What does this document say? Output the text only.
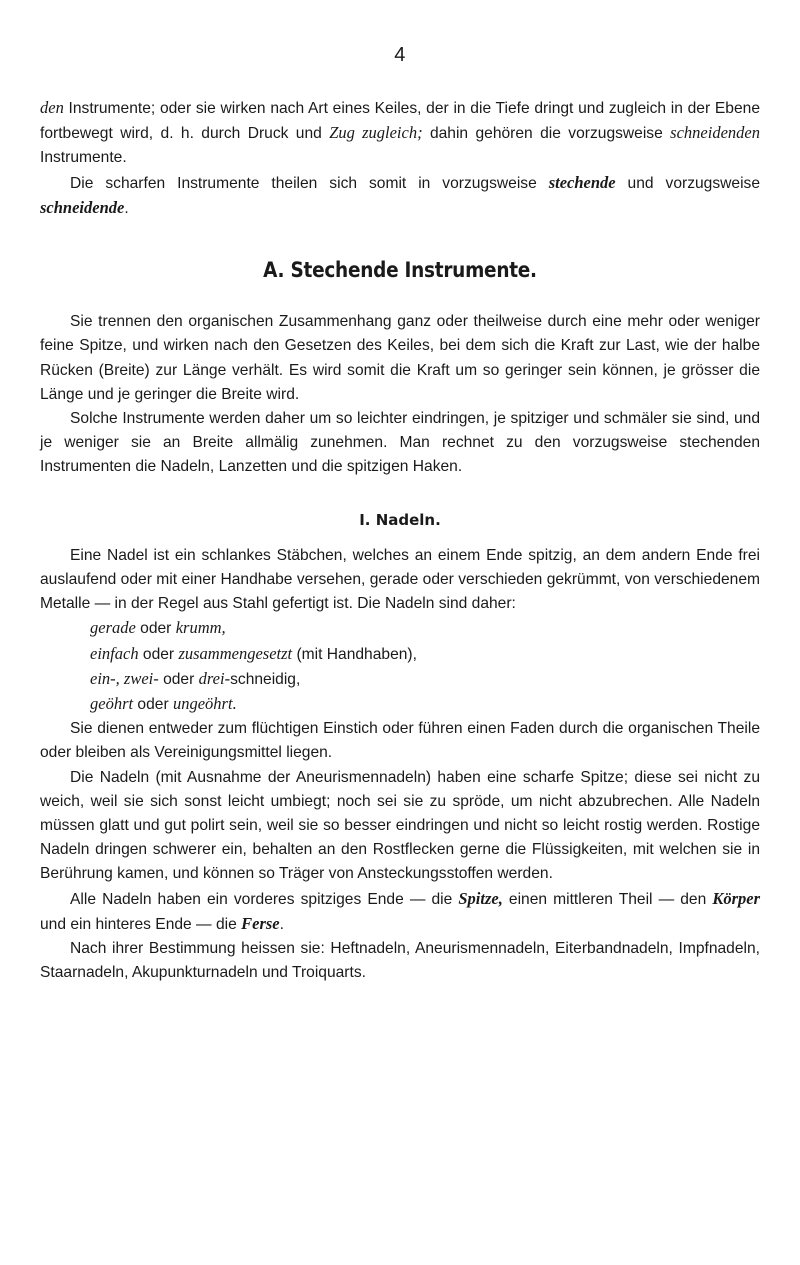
4

den Instrumente; oder sie wirken nach Art eines Keiles, der in die Tiefe dringt und zugleich in der Ebene fortbewegt wird, d. h. durch Druck und Zug zugleich; dahin gehören die vorzugsweise schneidenden Instrumente.

Die scharfen Instrumente theilen sich somit in vorzugsweise stechende und vorzugsweise schneidende.

A. Stechende Instrumente.

Sie trennen den organischen Zusammenhang ganz oder theilweise durch eine mehr oder weniger feine Spitze, und wirken nach den Gesetzen des Keiles, bei dem sich die Kraft zur Last, wie der halbe Rücken (Breite) zur Länge verhält. Es wird somit die Kraft um so geringer sein können, je grösser die Länge und je geringer die Breite wird.

Solche Instrumente werden daher um so leichter eindringen, je spitziger und schmäler sie sind, und je weniger sie an Breite allmälig zunehmen. Man rechnet zu den vorzugsweise stechenden Instrumenten die Nadeln, Lanzetten und die spitzigen Haken.

I. Nadeln.

Eine Nadel ist ein schlankes Stäbchen, welches an einem Ende spitzig, an dem andern Ende frei auslaufend oder mit einer Handhabe versehen, gerade oder verschieden gekrümmt, von verschiedenem Metalle — in der Regel aus Stahl gefertigt ist. Die Nadeln sind daher:

gerade oder krumm,
einfach oder zusammengesetzt (mit Handhaben),
ein-, zwei- oder drei-schneidig,
geöhrt oder ungeöhrt.

Sie dienen entweder zum flüchtigen Einstich oder führen einen Faden durch die organischen Theile oder bleiben als Vereinigungsmittel liegen.

Die Nadeln (mit Ausnahme der Aneurismennadeln) haben eine scharfe Spitze; diese sei nicht zu weich, weil sie sich sonst leicht umbiegt; noch sei sie zu spröde, um nicht abzubrechen. Alle Nadeln müssen glatt und gut polirt sein, weil sie so besser eindringen und nicht so leicht rostig werden. Rostige Nadeln dringen schwerer ein, behalten an den Rostflecken gerne die Flüssigkeiten, mit welchen sie in Berührung kamen, und können so Träger von Ansteckungsstoffen werden.

Alle Nadeln haben ein vorderes spitziges Ende — die Spitze, einen mittleren Theil — den Körper und ein hinteres Ende — die Ferse.

Nach ihrer Bestimmung heissen sie: Heftnadeln, Aneurismennadeln, Eiterbandnadeln, Impfnadeln, Staarnadeln, Akupunkturnadeln und Troiquarts.
